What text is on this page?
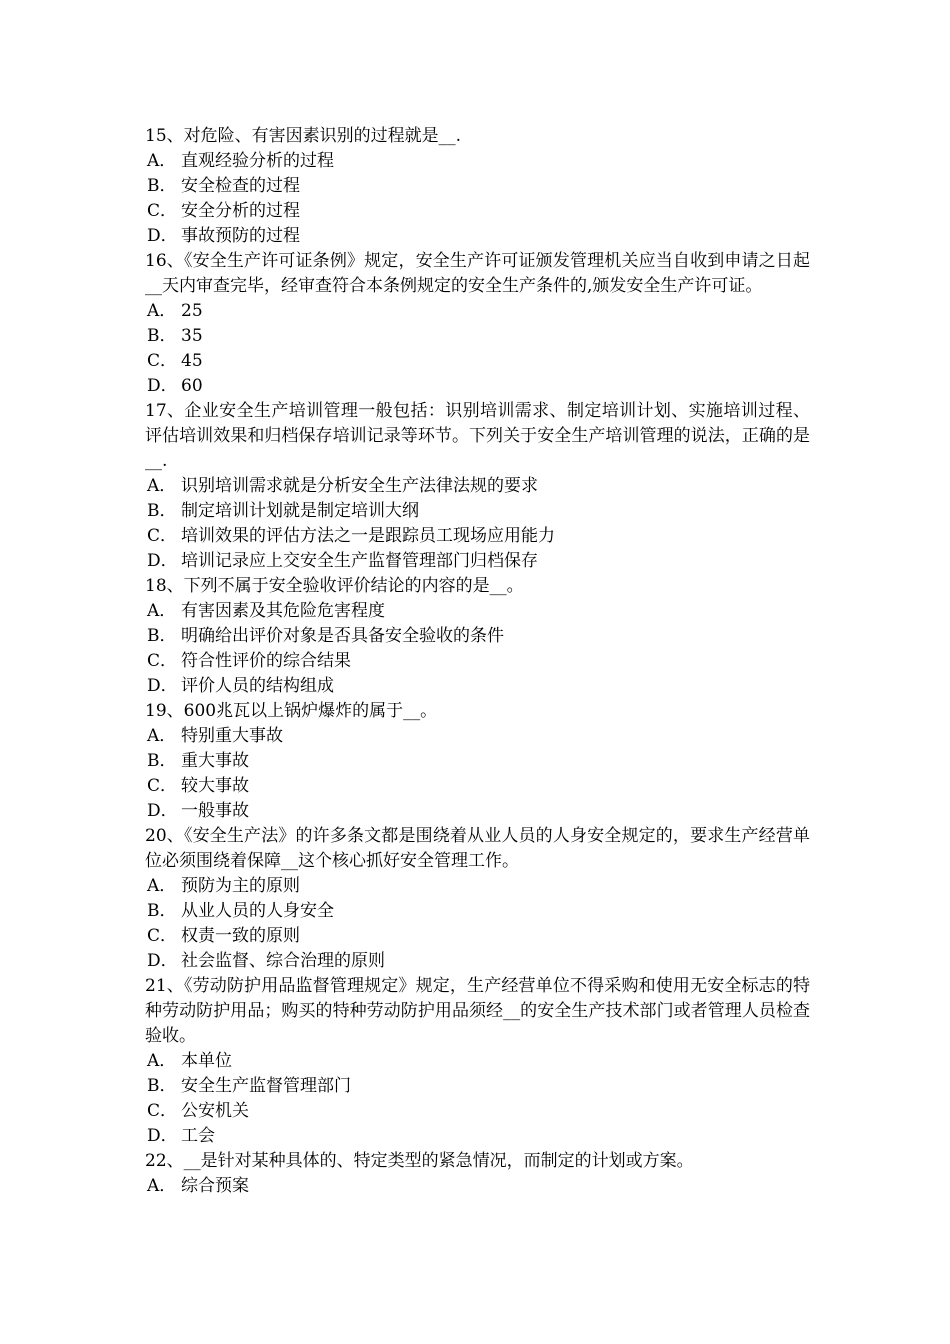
15、对危险、有害因素识别的过程就是__.

A． 直观经验分析的过程

B． 安全检查的过程

C． 安全分析的过程

D． 事故预防的过程

16、《安全生产许可证条例》规定，安全生产许可证颁发管理机关应当自收到申请之日起__天内审查完毕，经审查符合本条例规定的安全生产条件的,颁发安全生产许可证。

A． 25

B． 35

C． 45

D． 60

17、企业安全生产培训管理一般包括：识别培训需求、制定培训计划、实施培训过程、评估培训效果和归档保存培训记录等环节。下列关于安全生产培训管理的说法，正确的是__.

A． 识别培训需求就是分析安全生产法律法规的要求

B． 制定培训计划就是制定培训大纲

C． 培训效果的评估方法之一是跟踪员工现场应用能力

D． 培训记录应上交安全生产监督管理部门归档保存

18、下列不属于安全验收评价结论的内容的是__。

A． 有害因素及其危险危害程度

B． 明确给出评价对象是否具备安全验收的条件

C． 符合性评价的综合结果

D． 评价人员的结构组成

19、600兆瓦以上锅炉爆炸的属于__。

A． 特别重大事故

B． 重大事故

C． 较大事故

D． 一般事故

20、《安全生产法》的许多条文都是围绕着从业人员的人身安全规定的，要求生产经营单位必须围绕着保障__这个核心抓好安全管理工作。

A． 预防为主的原则

B． 从业人员的人身安全

C． 权责一致的原则

D． 社会监督、综合治理的原则

21、《劳动防护用品监督管理规定》规定，生产经营单位不得采购和使用无安全标志的特种劳动防护用品；购买的特种劳动防护用品须经__的安全生产技术部门或者管理人员检查验收。

A． 本单位

B． 安全生产监督管理部门

C． 公安机关

D． 工会

22、__是针对某种具体的、特定类型的紧急情况，而制定的计划或方案。

A． 综合预案
